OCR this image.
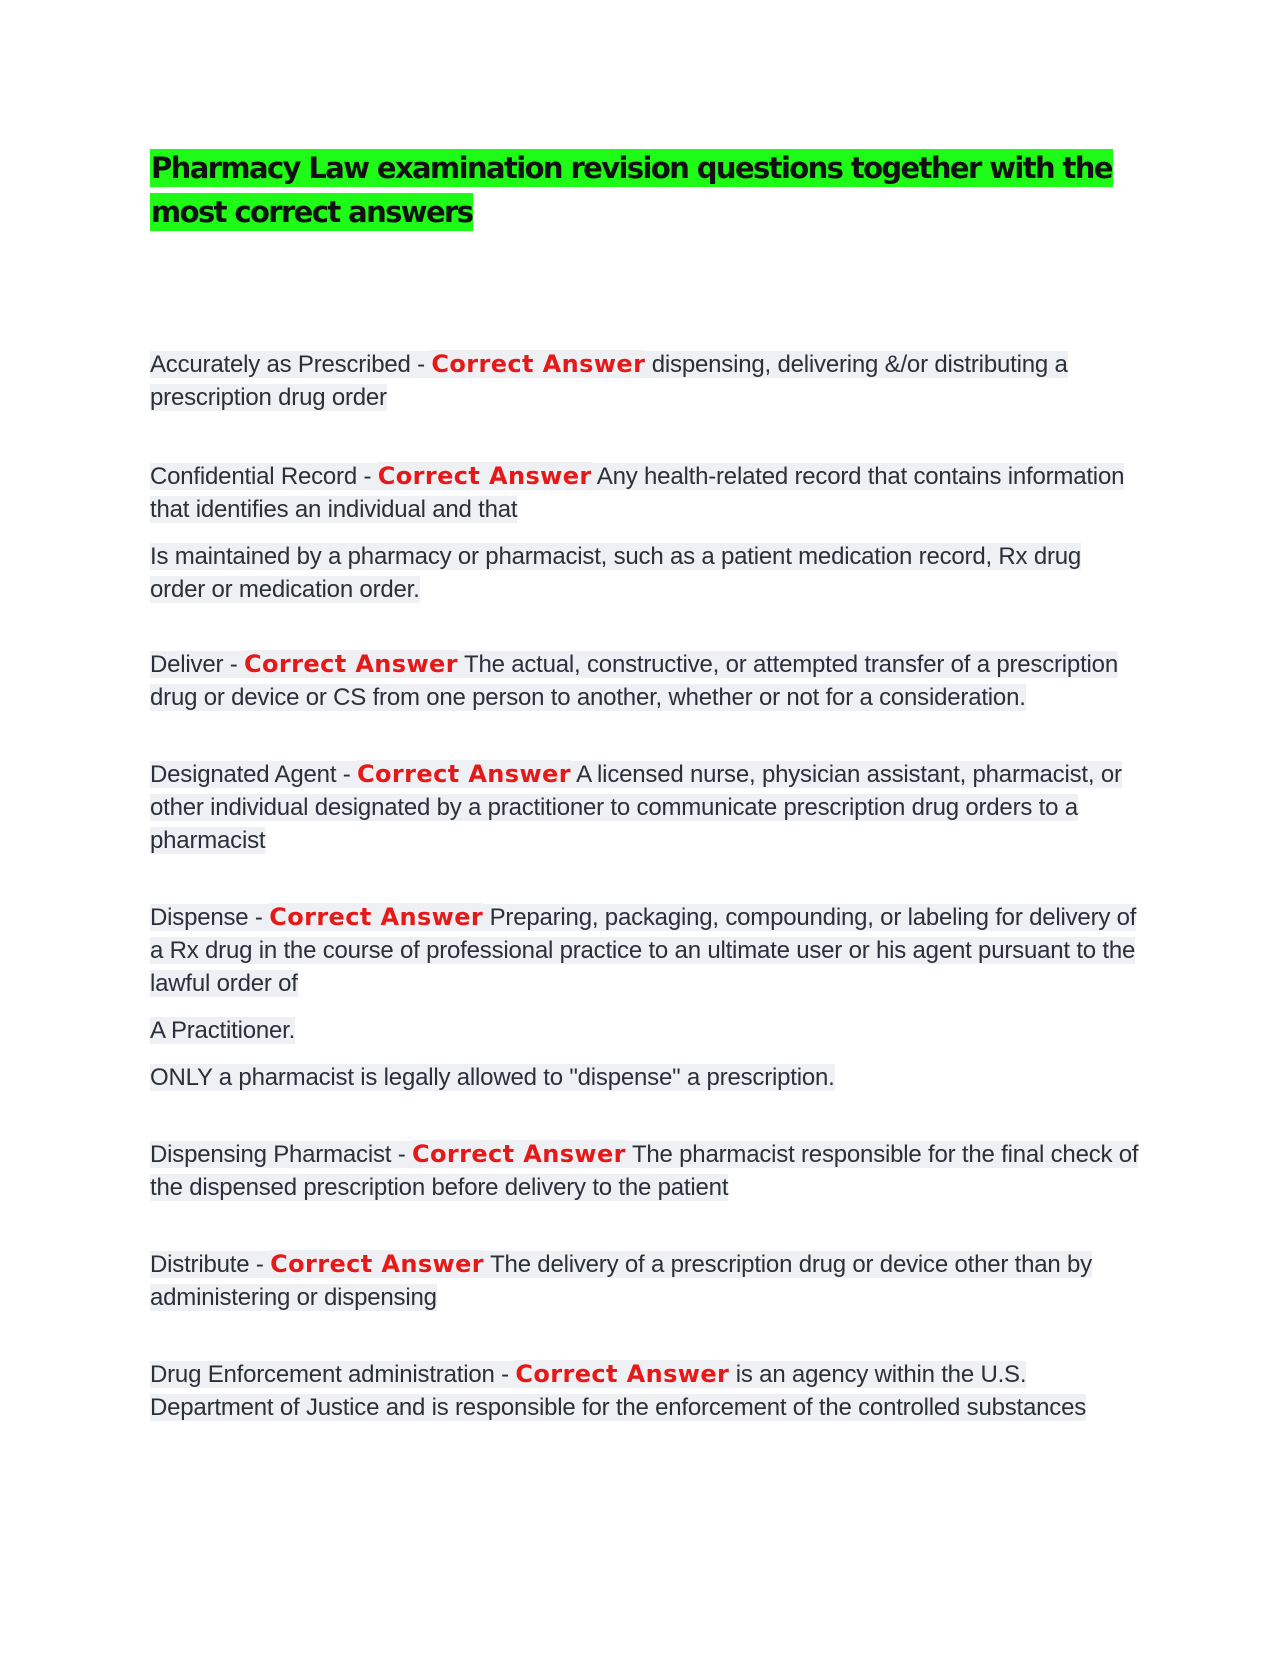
Pharmacy Law examination revision questions together with the most correct answers

Accurately as Prescribed - Correct Answer dispensing, delivering &/or distributing a prescription drug order

Confidential Record - Correct Answer Any health-related record that contains information that identifies an individual and that

Is maintained by a pharmacy or pharmacist, such as a patient medication record, Rx drug order or medication order.

Deliver - Correct Answer The actual, constructive, or attempted transfer of a prescription drug or device or CS from one person to another, whether or not for a consideration.

Designated Agent - Correct Answer A licensed nurse, physician assistant, pharmacist, or other individual designated by a practitioner to communicate prescription drug orders to a pharmacist

Dispense - Correct Answer Preparing, packaging, compounding, or labeling for delivery of a Rx drug in the course of professional practice to an ultimate user or his agent pursuant to the lawful order of

A Practitioner.

ONLY a pharmacist is legally allowed to "dispense" a prescription.

Dispensing Pharmacist - Correct Answer The pharmacist responsible for the final check of the dispensed prescription before delivery to the patient

Distribute - Correct Answer The delivery of a prescription drug or device other than by administering or dispensing

Drug Enforcement administration - Correct Answer is an agency within the U.S. Department of Justice and is responsible for the enforcement of the controlled substances
